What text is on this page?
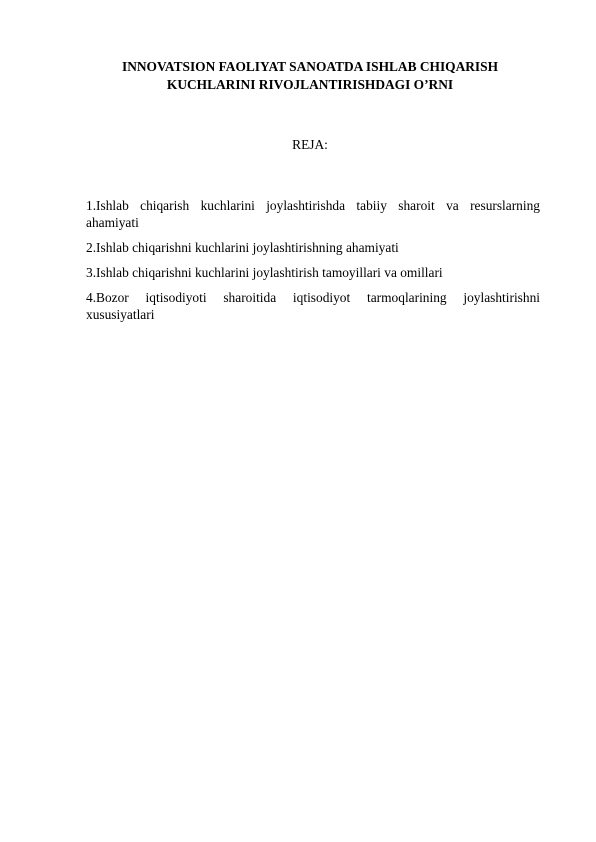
INNOVATSION FAOLIYAT SANOATDA ISHLAB CHIQARISH
KUCHLARINI RIVOJLANTIRISHDAGI O’RNI

REJA:

1.Ishlab chiqarish kuchlarini joylashtirishda tabiiy sharoit va resurslarning ahamiyati
2.Ishlab chiqarishni kuchlarini joylashtirishning ahamiyati
3.Ishlab chiqarishni kuchlarini joylashtirish tamoyillari va omillari
4.Bozor iqtisodiyoti sharoitida iqtisodiyot tarmoqlarining joylashtirishni xususiyatlari
